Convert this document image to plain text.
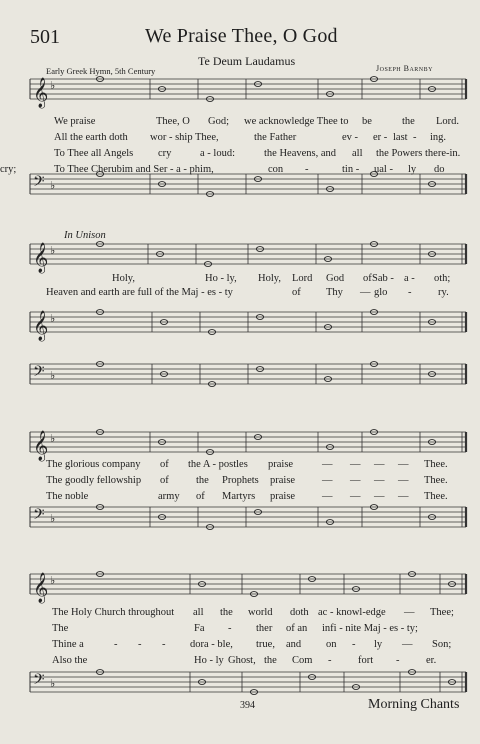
501	We Praise Thee, O God
Te Deum Laudamus
Early Greek Hymn, 5th Century	Joseph Barnby
In Unison
𝄞 ♭
𝄢 ♭
𝄞 ♭
𝄞 ♭
𝄢 ♭
𝄞 ♭
𝄢 ♭
𝄞 ♭
𝄢 ♭
We praise	Thee, O God; we acknowledge Thee to be	the Lord.
All the earth doth wor - ship Thee,	the Father	ev - er - last - ing.
To Thee all Angels cry	a - loud:	the Heavens, and all the Powers there-in.
To Thee Cherubim and Ser - a - phim,	con -	tin - ual - ly do
cry;
Holy,	Ho - ly, Holy, Lord God of Sab - a - oth;
Heaven and earth are full of the Maj - es - ty	of Thy — glo -	ry.
The glorious company of the A - postles praise	— — — — Thee.
The goodly fellowship of	the Prophets praise	— — — — Thee.
The noble	army of Martyrs praise	— — — — Thee.
The Holy Church throughout all the world doth ac - knowl-edge — Thee;
The	Fa - ther of an infi - nite Maj - es - ty;
Thine a	- - - dora - ble, true, and on - ly — Son;
Also the	Ho - ly Ghost, the Com -	fort -	er.
394	Morning Chants
